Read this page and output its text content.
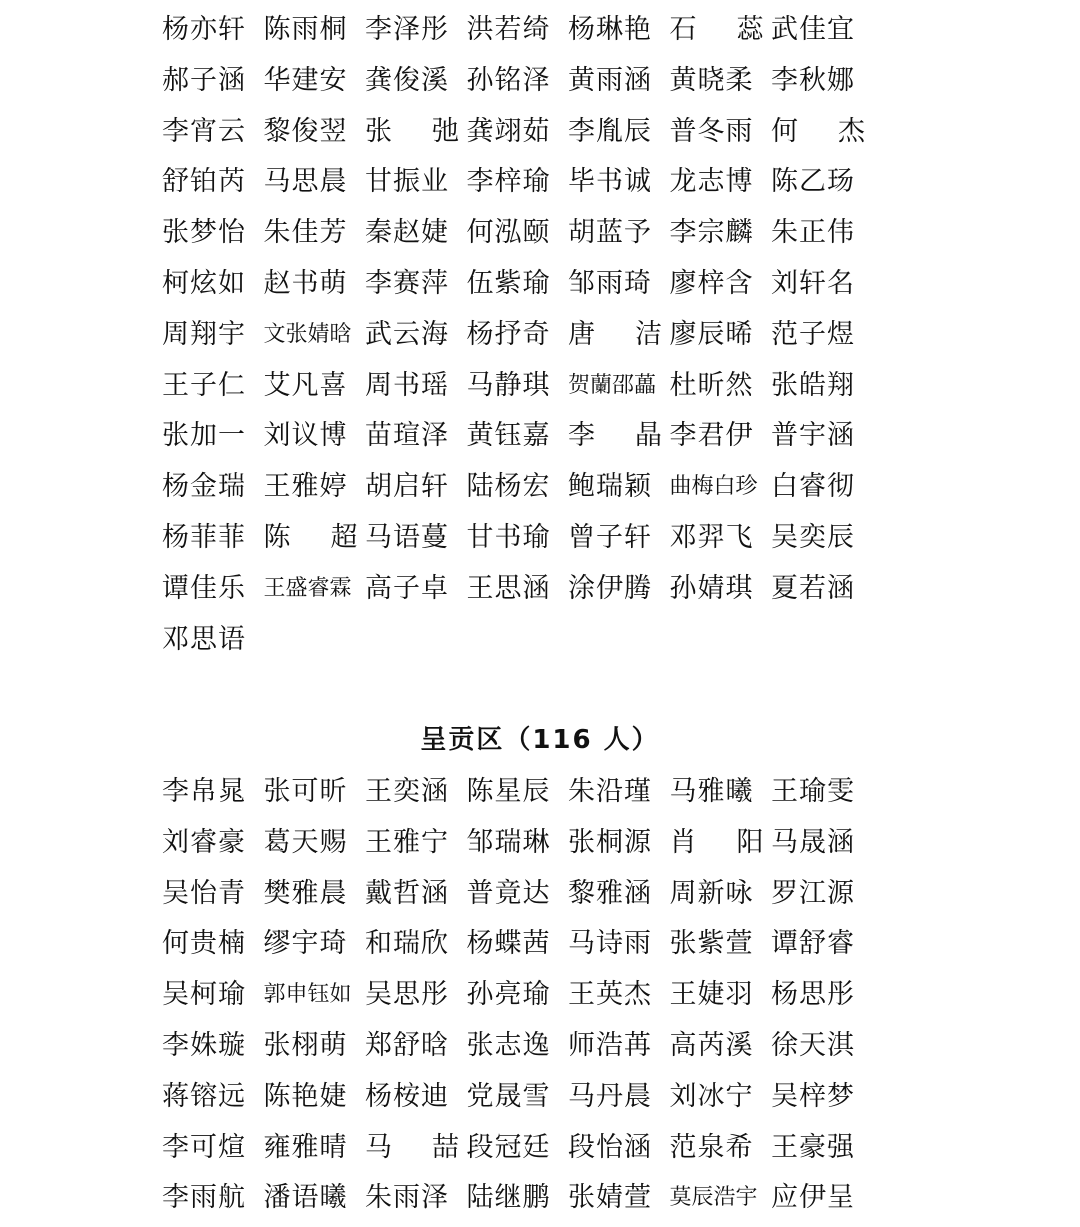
杨亦轩 陈雨桐 李泽彤 洪若绮 杨琳艳 石 蕊 武佳宜
郝子涵 华建安 龚俊溪 孙铭泽 黄雨涵 黄晓柔 李秋娜
李宵云 黎俊翌 张 弛 龚翊茹 李胤辰 普冬雨 何 杰
舒铂芮 马思晨 甘振业 李梓瑜 毕书诚 龙志博 陈乙玚
张梦怡 朱佳芳 秦赵婕 何泓颐 胡蓝予 李宗麟 朱正伟
柯炫如 赵书萌 李赛萍 伍紫瑜 邹雨琦 廖梓含 刘轩名
周翔宇 文张婧晗 武云海 杨抒奇 唐 洁 廖辰晞 范子煜
王子仁 艾凡喜 周书瑶 马静琪 贺蘭邵藟 杜昕然 张皓翔
张加一 刘议博 苗瑄泽 黄钰嘉 李 晶 李君伊 普宇涵
杨金瑞 王雅婷 胡启轩 陆杨宏 鲍瑞颖 曲梅白珍 白睿彻
杨菲菲 陈 超 马语蔓 甘书瑜 曾子轩 邓羿飞 吴奕辰
谭佳乐 王盛睿霖 高子卓 王思涵 涂伊腾 孙婧琪 夏若涵
邓思语
呈贡区（116 人）
李帛晁 张可昕 王奕涵 陈星辰 朱沿瑾 马雅曦 王瑜雯
刘睿豪 葛天赐 王雅宁 邹瑞琳 张桐源 肖 阳 马晟涵
吴怡青 樊雅晨 戴哲涵 普竟达 黎雅涵 周新咏 罗江源
何贵楠 缪宇琦 和瑞欣 杨蝶茜 马诗雨 张紫萱 谭舒睿
吴柯瑜 郭申钰如 吴思彤 孙亮瑜 王英杰 王婕羽 杨思彤
李姝璇 张栩萌 郑舒晗 张志逸 师浩苒 高芮溪 徐天淇
蒋镕远 陈艳婕 杨桉迪 党晟雪 马丹晨 刘冰宁 吴梓梦
李可煊 雍雅晴 马 喆 段冠廷 段怡涵 范泉希 王豪强
李雨航 潘语曦 朱雨泽 陆继鹏 张婧萱 莫辰浩宇 应伊呈
